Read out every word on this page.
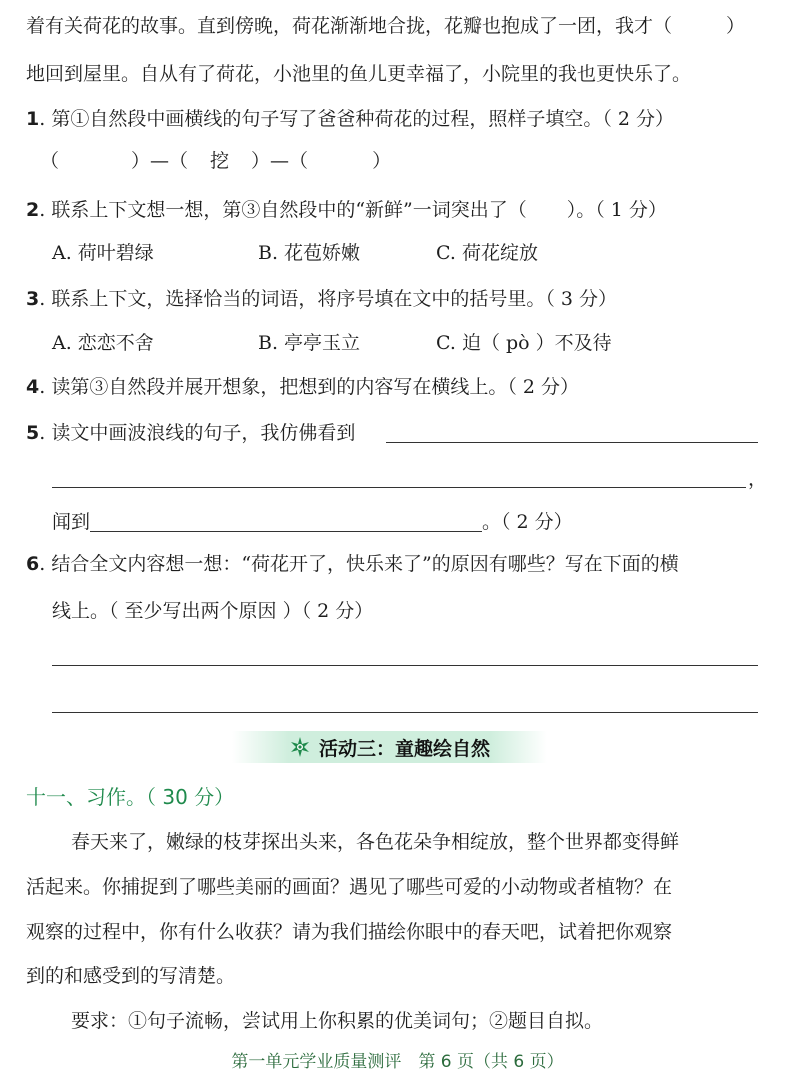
着有关荷花的故事。直到傍晚，荷花渐渐地合拢，花瓣也抱成了一团，我才（	）
地回到屋里。自从有了荷花，小池里的鱼儿更幸福了，小院里的我也更快乐了。
1. 第①自然段中画横线的句子写了爸爸种荷花的过程，照样子填空。（ 2 分）
（	）—（ 挖 ）—（	）
2. 联系上下文想一想，第③自然段中的“新鲜”一词突出了（ ）。（ 1 分）
A. 荷叶碧绿	B. 花苞娇嫩	C. 荷花绽放
3. 联系上下文，选择恰当的词语，将序号填在文中的括号里。（ 3 分）
A. 恋恋不舍	B. 亭亭玉立	C. 迫（ pò ）不及待
4. 读第③自然段并展开想象，把想到的内容写在横线上。（ 2 分）
5. 读文中画波浪线的句子，我仿佛看到
，
闻到	。（ 2 分）
6. 结合全文内容想一想：“荷花开了，快乐来了”的原因有哪些？写在下面的横
线上。（ 至少写出两个原因 ）（ 2 分）
活动三：童趣绘自然
十一、习作。（ 30 分）
春天来了，嫩绿的枝芽探出头来，各色花朵争相绽放，整个世界都变得鲜
活起来。你捕捉到了哪些美丽的画面？遇见了哪些可爱的小动物或者植物？在
观察的过程中，你有什么收获？请为我们描绘你眼中的春天吧，试着把你观察
到的和感受到的写清楚。
要求：①句子流畅，尝试用上你积累的优美词句；②题目自拟。
第一单元学业质量测评　第 6 页（共 6 页）
